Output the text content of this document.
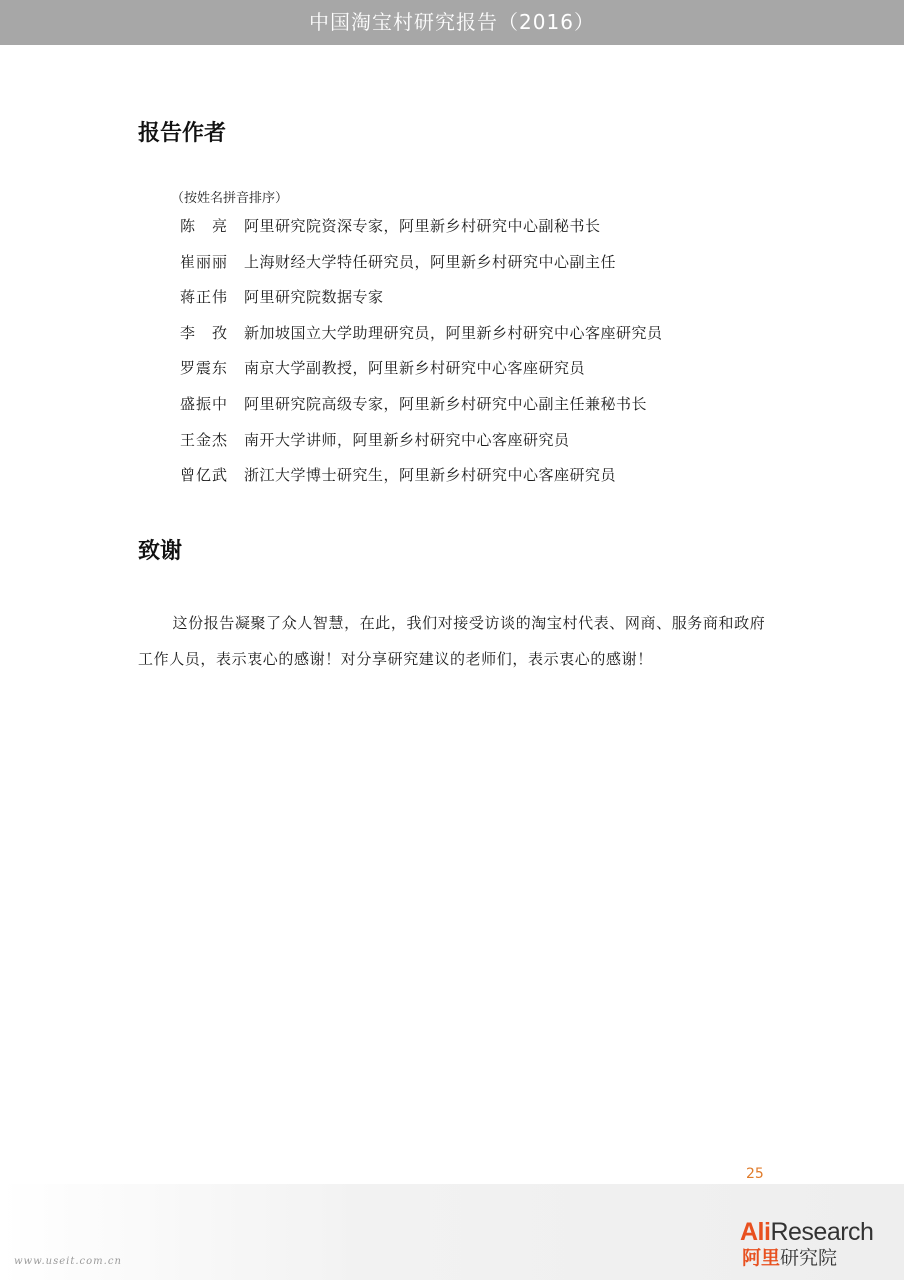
中国淘宝村研究报告（2016）
报告作者
（按姓名拼音排序）
陈　亮	阿里研究院资深专家，阿里新乡村研究中心副秘书长
崔丽丽	上海财经大学特任研究员，阿里新乡村研究中心副主任
蒋正伟	阿里研究院数据专家
李　孜	新加坡国立大学助理研究员，阿里新乡村研究中心客座研究员
罗震东	南京大学副教授，阿里新乡村研究中心客座研究员
盛振中	阿里研究院高级专家，阿里新乡村研究中心副主任兼秘书长
王金杰	南开大学讲师，阿里新乡村研究中心客座研究员
曾亿武	浙江大学博士研究生，阿里新乡村研究中心客座研究员
致谢

这份报告凝聚了众人智慧，在此，我们对接受访谈的淘宝村代表、网商、服务商和政府工作人员，表示衷心的感谢！对分享研究建议的老师们，表示衷心的感谢！

25
www.useit.com.cn
AliResearch
阿里研究院
